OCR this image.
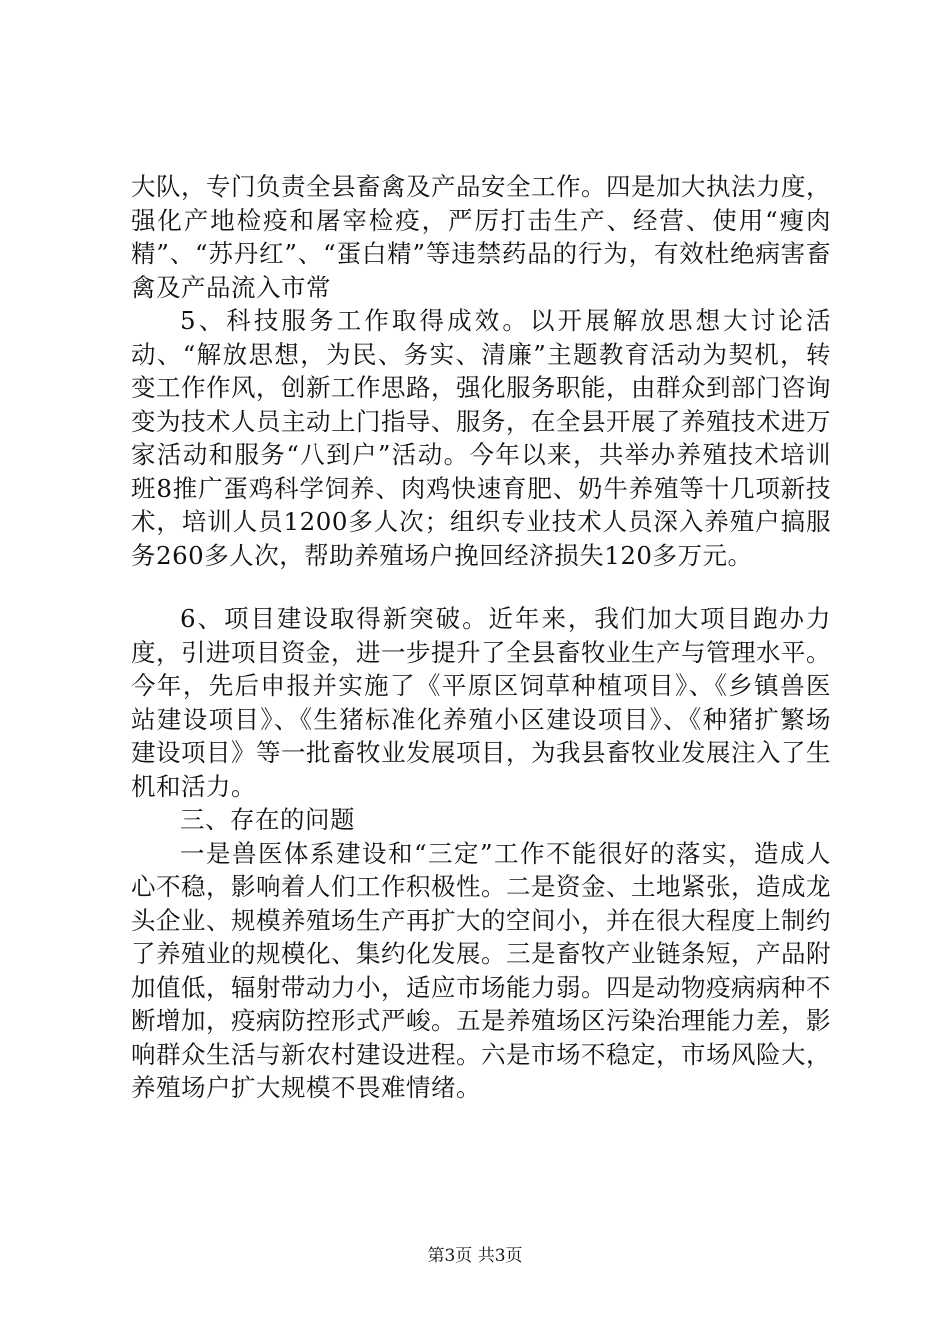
大队，专门负责全县畜禽及产品安全工作。四是加大执法力度，强化产地检疫和屠宰检疫，严厉打击生产、经营、使用“瘦肉精”、“苏丹红”、“蛋白精”等违禁药品的行为，有效杜绝病害畜禽及产品流入市常

5、科技服务工作取得成效。以开展解放思想大讨论活动、“解放思想，为民、务实、清廉”主题教育活动为契机，转变工作作风，创新工作思路，强化服务职能，由群众到部门咨询变为技术人员主动上门指导、服务，在全县开展了养殖技术进万家活动和服务“八到户”活动。今年以来，共举办养殖技术培训班8推广蛋鸡科学饲养、肉鸡快速育肥、奶牛养殖等十几项新技术，培训人员1200多人次；组织专业技术人员深入养殖户搞服务260多人次，帮助养殖场户挽回经济损失120多万元。

6、项目建设取得新突破。近年来，我们加大项目跑办力度，引进项目资金，进一步提升了全县畜牧业生产与管理水平。今年，先后申报并实施了《平原区饲草种植项目》、《乡镇兽医站建设项目》、《生猪标准化养殖小区建设项目》、《种猪扩繁场建设项目》等一批畜牧业发展项目，为我县畜牧业发展注入了生机和活力。

三、存在的问题

一是兽医体系建设和“三定”工作不能很好的落实，造成人心不稳，影响着人们工作积极性。二是资金、土地紧张，造成龙头企业、规模养殖场生产再扩大的空间小，并在很大程度上制约了养殖业的规模化、集约化发展。三是畜牧产业链条短，产品附加值低，辐射带动力小，适应市场能力弱。四是动物疫病病种不断增加，疫病防控形式严峻。五是养殖场区污染治理能力差，影响群众生活与新农村建设进程。六是市场不稳定，市场风险大，养殖场户扩大规模不畏难情绪。

第3页 共3页
